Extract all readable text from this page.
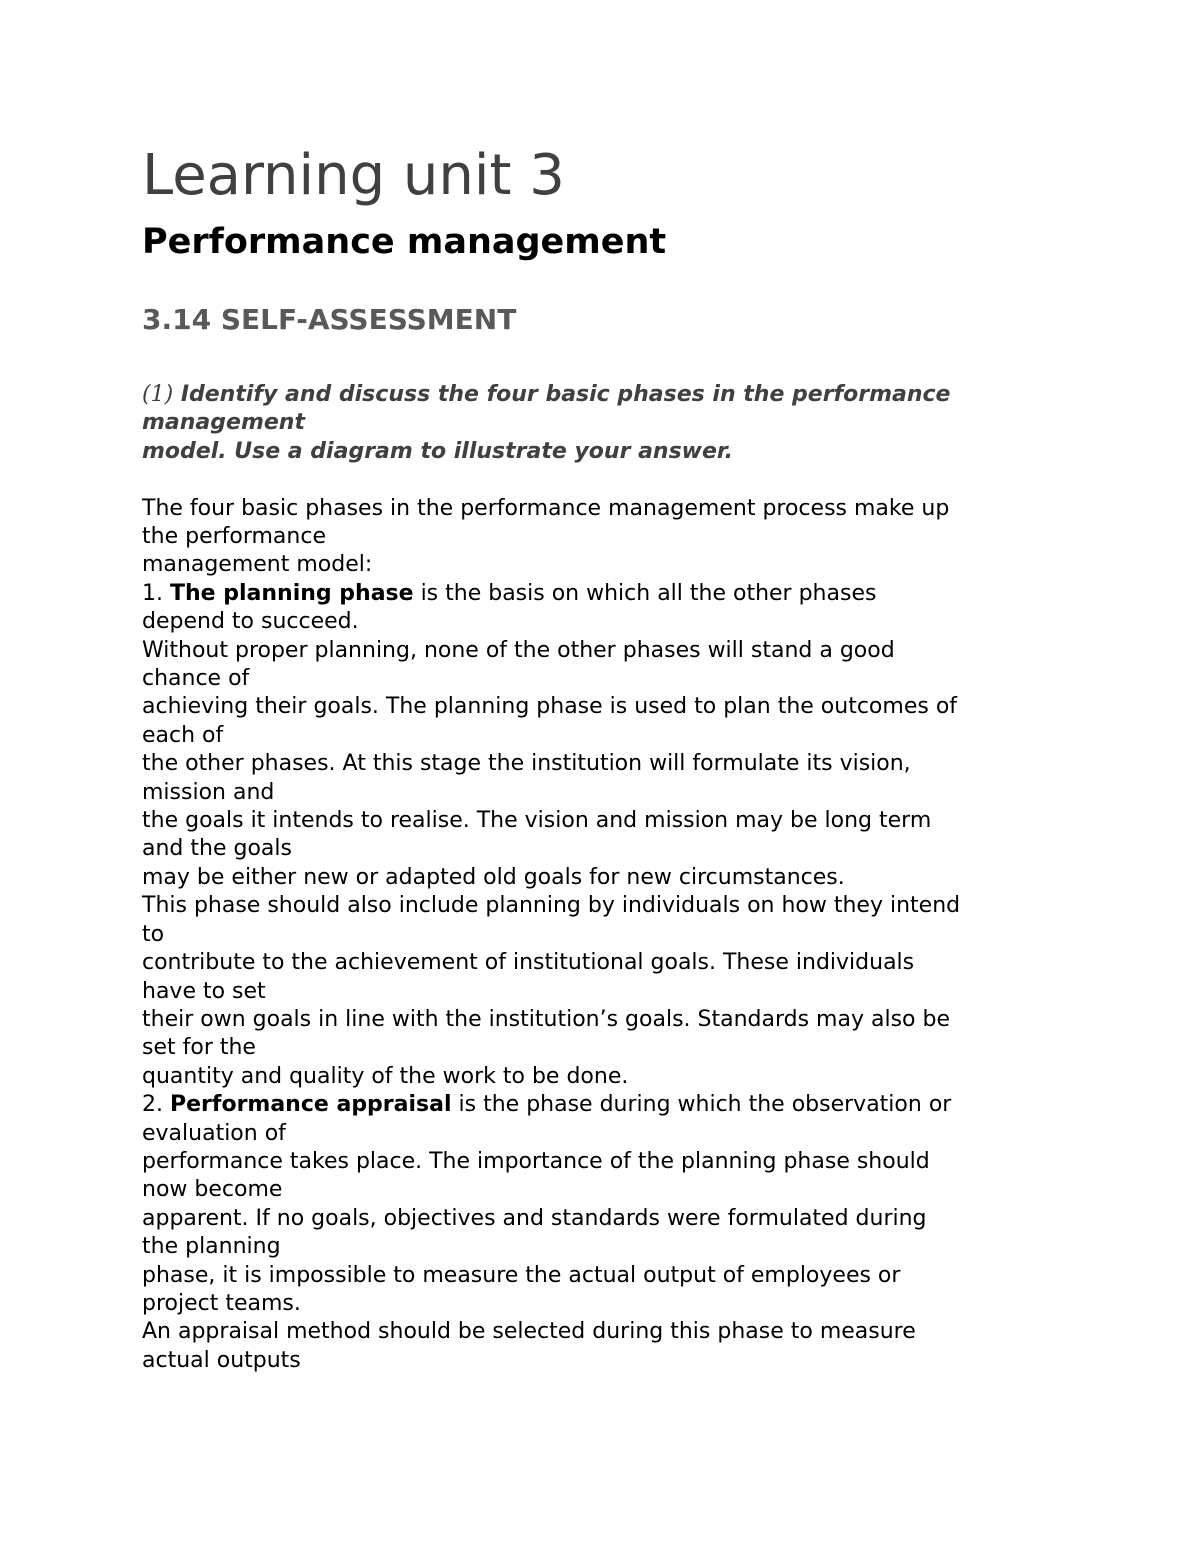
Learning unit 3
Performance management
3.14 SELF-ASSESSMENT
(1) Identify and discuss the four basic phases in the performance
management
model. Use a diagram to illustrate your answer.
The four basic phases in the performance management process make up
the performance
management model:
1. The planning phase is the basis on which all the other phases
depend to succeed.
Without proper planning, none of the other phases will stand a good
chance of
achieving their goals. The planning phase is used to plan the outcomes of
each of
the other phases. At this stage the institution will formulate its vision,
mission and
the goals it intends to realise. The vision and mission may be long term
and the goals
may be either new or adapted old goals for new circumstances.
This phase should also include planning by individuals on how they intend
to
contribute to the achievement of institutional goals. These individuals
have to set
their own goals in line with the institution’s goals. Standards may also be
set for the
quantity and quality of the work to be done.
2. Performance appraisal is the phase during which the observation or
evaluation of
performance takes place. The importance of the planning phase should
now become
apparent. If no goals, objectives and standards were formulated during
the planning
phase, it is impossible to measure the actual output of employees or
project teams.
An appraisal method should be selected during this phase to measure
actual outputs
